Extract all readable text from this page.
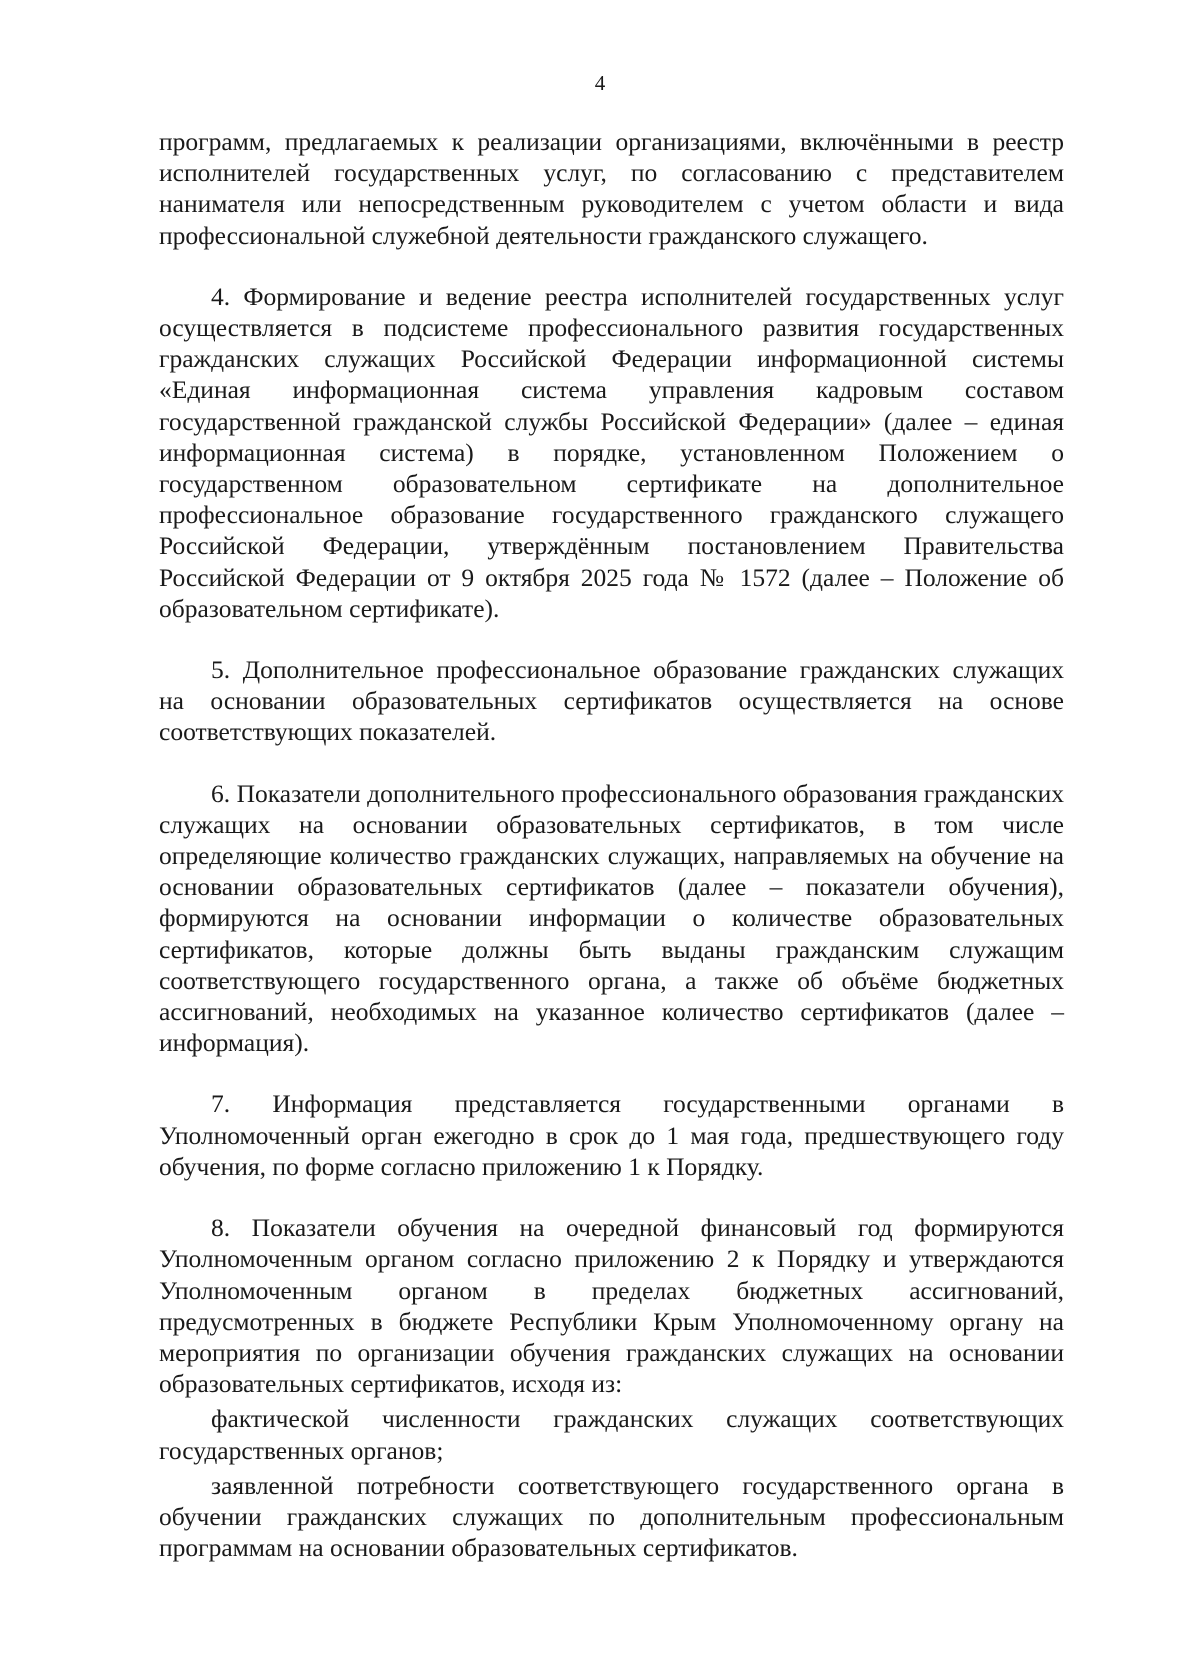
4

программ, предлагаемых к реализации организациями, включёнными в реестр исполнителей государственных услуг, по согласованию с представителем нанимателя или непосредственным руководителем с учетом области и вида профессиональной служебной деятельности гражданского служащего.

4. Формирование и ведение реестра исполнителей государственных услуг осуществляется в подсистеме профессионального развития государственных гражданских служащих Российской Федерации информационной системы «Единая информационная система управления кадровым составом государственной гражданской службы Российской Федерации» (далее – единая информационная система) в порядке, установленном Положением о государственном образовательном сертификате на дополнительное профессиональное образование государственного гражданского служащего Российской Федерации, утверждённым постановлением Правительства Российской Федерации от 9 октября 2025 года № 1572 (далее – Положение об образовательном сертификате).

5. Дополнительное профессиональное образование гражданских служащих на основании образовательных сертификатов осуществляется на основе соответствующих показателей.

6. Показатели дополнительного профессионального образования гражданских служащих на основании образовательных сертификатов, в том числе определяющие количество гражданских служащих, направляемых на обучение на основании образовательных сертификатов (далее – показатели обучения), формируются на основании информации о количестве образовательных сертификатов, которые должны быть выданы гражданским служащим соответствующего государственного органа, а также об объёме бюджетных ассигнований, необходимых на указанное количество сертификатов (далее – информация).

7. Информация представляется государственными органами в Уполномоченный орган ежегодно в срок до 1 мая года, предшествующего году обучения, по форме согласно приложению 1 к Порядку.

8. Показатели обучения на очередной финансовый год формируются Уполномоченным органом согласно приложению 2 к Порядку и утверждаются Уполномоченным органом в пределах бюджетных ассигнований, предусмотренных в бюджете Республики Крым Уполномоченному органу на мероприятия по организации обучения гражданских служащих на основании образовательных сертификатов, исходя из:

фактической численности гражданских служащих соответствующих государственных органов;

заявленной потребности соответствующего государственного органа в обучении гражданских служащих по дополнительным профессиональным программам на основании образовательных сертификатов.
